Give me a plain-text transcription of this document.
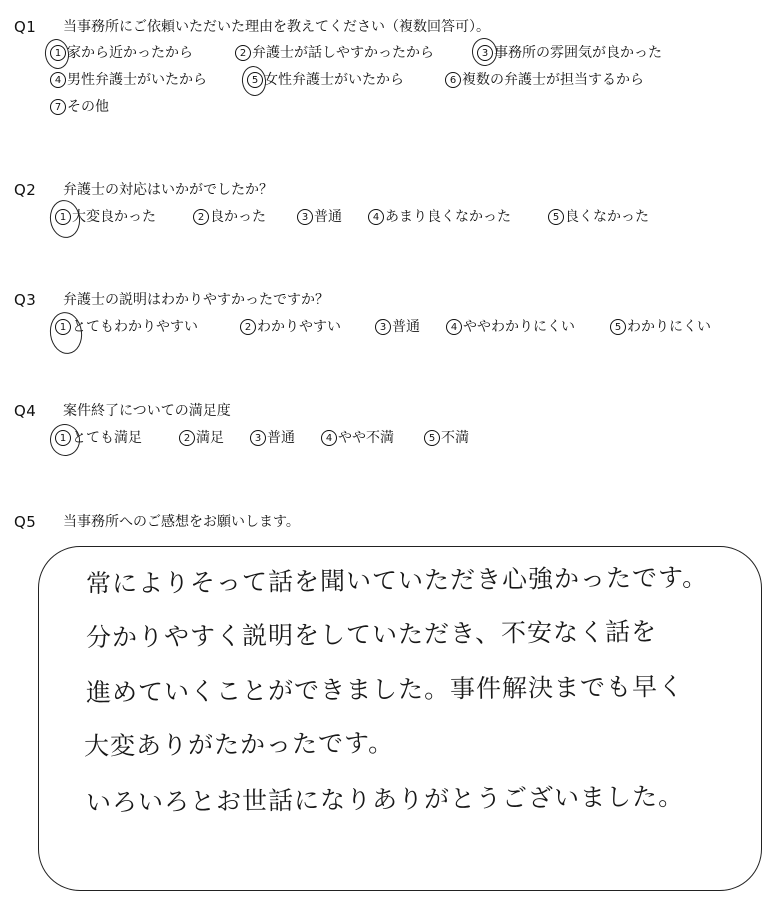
Q1 当事務所にご依頼いただいた理由を教えてください（複数回答可）。
1 家から近かったから	2 弁護士が話しやすかったから	3 事務所の雰囲気が良かった
4 男性弁護士がいたから	5 女性弁護士がいたから	6 複数の弁護士が担当するから
7 その他
Q2 弁護士の対応はいかがでしたか？
1 大変良かった	2 良かった	3 普通	4 あまり良くなかった	5 良くなかった
Q3 弁護士の説明はわかりやすかったですか？
1 とてもわかりやすい	2 わかりやすい	3 普通	4 ややわかりにくい	5 わかりにくい
Q4 案件終了についての満足度
1 とても満足	2 満足	3 普通	4 やや不満	5 不満
Q5 当事務所へのご感想をお願いします。
常によりそって話を聞いていただき心強かったです。
分かりやすく説明をしていただき、不安なく話を
進めていくことができました。事件解決までも早く
大変ありがたかったです。
いろいろとお世話になりありがとうございました。
